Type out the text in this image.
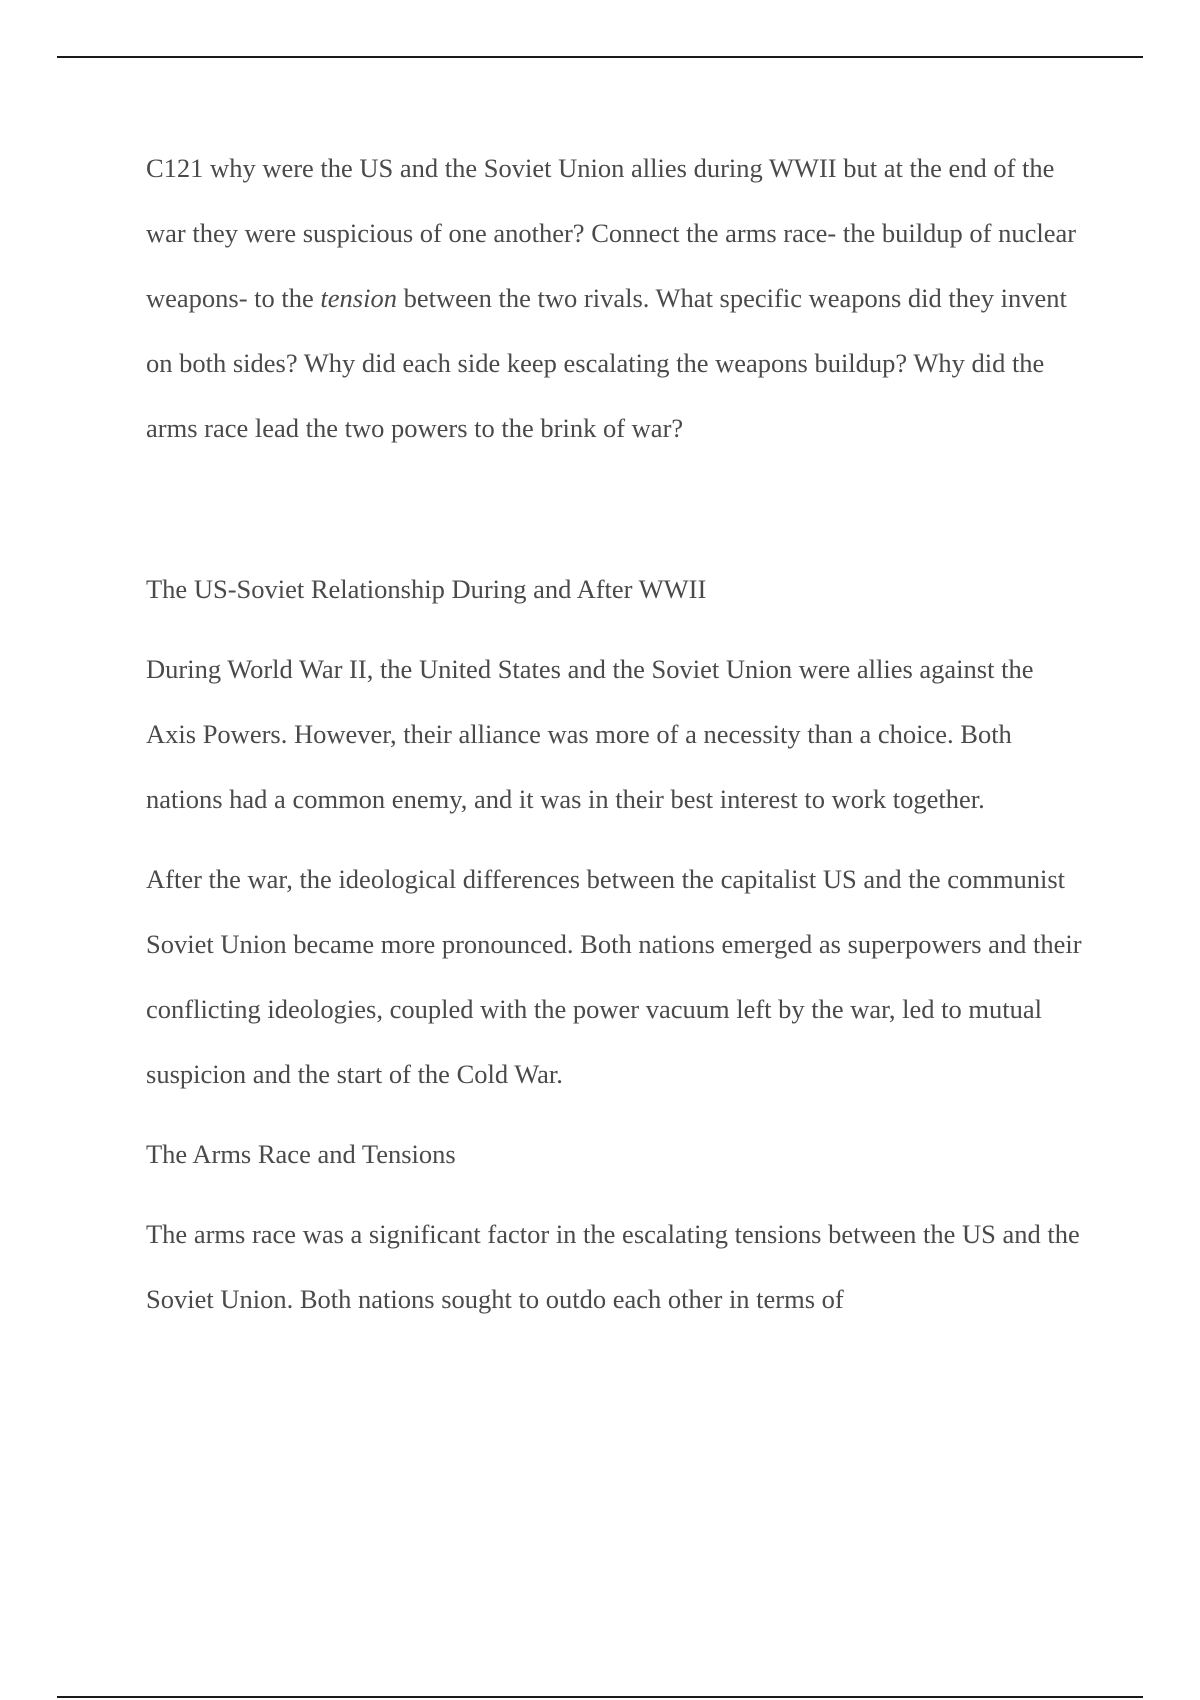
C121 why were the US and the Soviet Union allies during WWII but at the end of the war they were suspicious of one another? Connect the arms race- the buildup of nuclear weapons- to the tension between the two rivals. What specific weapons did they invent on both sides? Why did each side keep escalating the weapons buildup? Why did the arms race lead the two powers to the brink of war?

The US-Soviet Relationship During and After WWII

During World War II, the United States and the Soviet Union were allies against the Axis Powers. However, their alliance was more of a necessity than a choice. Both nations had a common enemy, and it was in their best interest to work together.

After the war, the ideological differences between the capitalist US and the communist Soviet Union became more pronounced. Both nations emerged as superpowers and their conflicting ideologies, coupled with the power vacuum left by the war, led to mutual suspicion and the start of the Cold War.

The Arms Race and Tensions

The arms race was a significant factor in the escalating tensions between the US and the Soviet Union. Both nations sought to outdo each other in terms of
